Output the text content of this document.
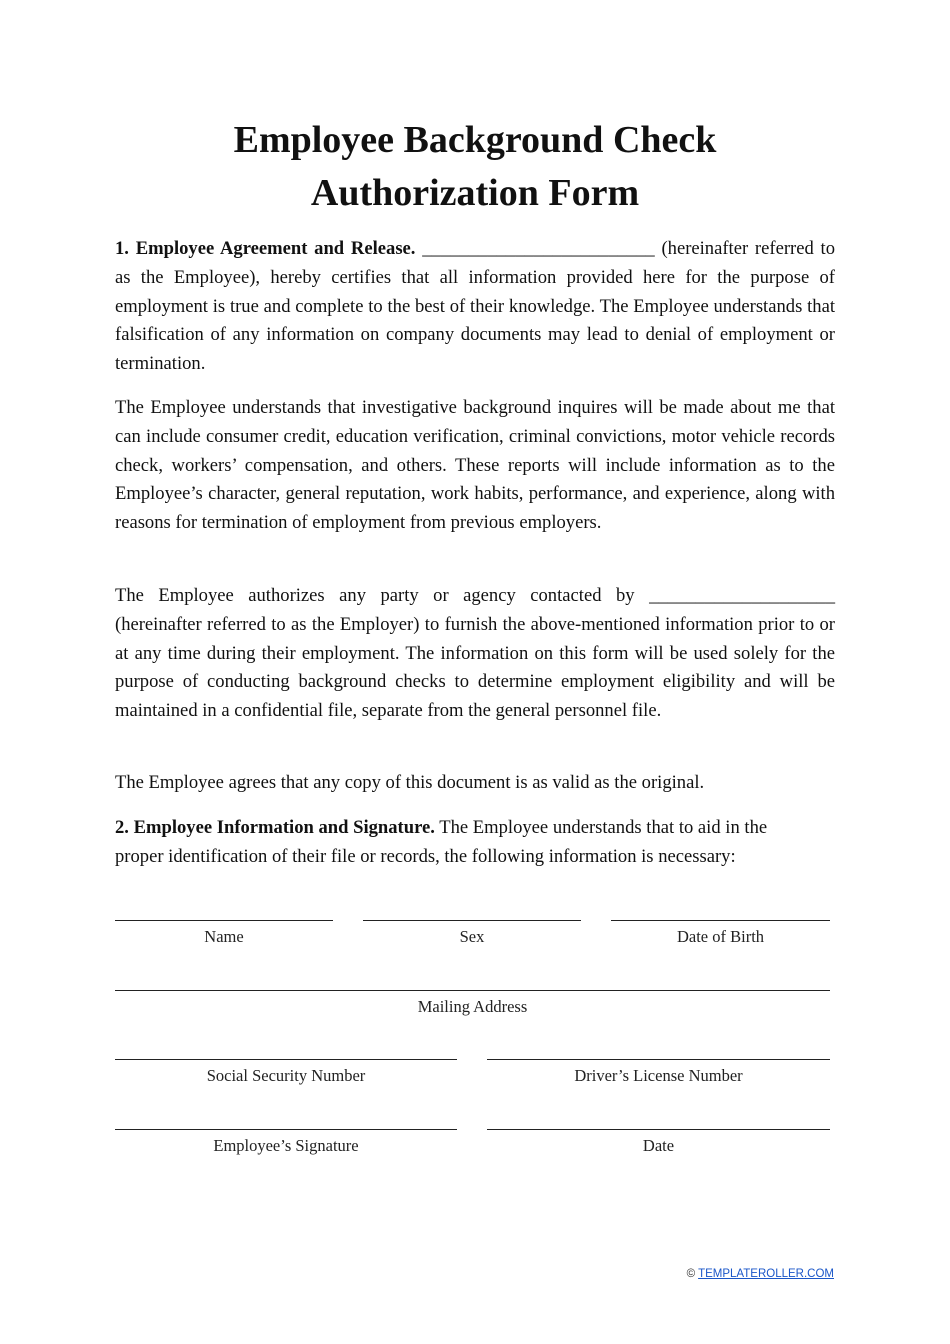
Employee Background Check
Authorization Form

1. Employee Agreement and Release. _________________________ (hereinafter referred to as the Employee), hereby certifies that all information provided here for the purpose of employment is true and complete to the best of their knowledge. The Employee understands that falsification of any information on company documents may lead to denial of employment or termination.

The Employee understands that investigative background inquires will be made about me that can include consumer credit, education verification, criminal convictions, motor vehicle records check, workers’ compensation, and others. These reports will include information as to the Employee’s character, general reputation, work habits, performance, and experience, along with reasons for termination of employment from previous employers.

The Employee authorizes any party or agency contacted by ____________________ (hereinafter referred to as the Employer) to furnish the above-mentioned information prior to or at any time during their employment. The information on this form will be used solely for the purpose of conducting background checks to determine employment eligibility and will be maintained in a confidential file, separate from the general personnel file.

The Employee agrees that any copy of this document is as valid as the original.

2. Employee Information and Signature. The Employee understands that to aid in the proper identification of their file or records, the following information is necessary:

Name	Sex	Date of Birth
Mailing Address
Social Security Number	Driver’s License Number
Employee’s Signature	Date
© TEMPLATEROLLER.COM
